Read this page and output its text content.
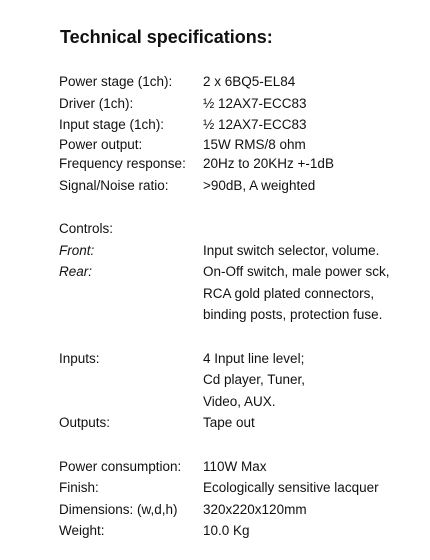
Technical specifications:
Power stage (1ch): 2 x 6BQ5-EL84
Driver (1ch):	½ 12AX7-ECC83
Input stage (1ch):	½ 12AX7-ECC83
Power output:	15W RMS/8 ohm
Frequency response: 20Hz to 20KHz +-1dB
Signal/Noise ratio:	>90dB, A weighted
Controls:
Front:	Input switch selector, volume.
Rear:	On-Off switch, male power sck,
RCA gold plated connectors,
binding posts, protection fuse.
Inputs:	4 Input line level;
Cd player, Tuner,
Video, AUX.
Outputs:	Tape out
Power consumption: 110W Max
Finish:	Ecologically sensitive lacquer
Dimensions: (w,d,h) 320x220x120mm
Weight:	10.0 Kg
